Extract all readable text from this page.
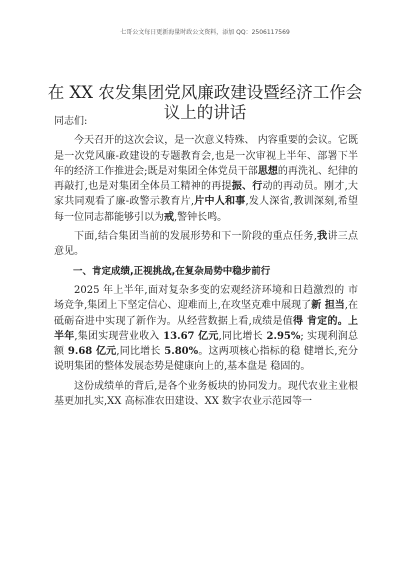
七哥公文每日更新海量时政公文资料，添加 QQ：2506117569
在 XX 农发集团党风廉政建设暨经济工作会议上的讲话

同志们:

今天召开的这次会议，是一次意义特殊、 内容重要的会议。它既是一次党风廉-政建设的专题教育会,也是一次审视上半年、部署下半年的经济工作推进会;既是对集团全体党员干部思想的再洗礼、纪律的再敲打,也是对集团全体员工精神的再提振、行动的再动员。刚才,大家共同观看了廉-政警示教育片,片中人和事,发人深省,教训深刻,希望每一位同志都能够引以为戒,警钟长鸣。

下面,结合集团当前的发展形势和下一阶段的重点任务,我讲三点意见。

一、肯定成绩,正视挑战,在复杂局势中稳步前行

2025 年上半年,面对复杂多变的宏观经济环境和日趋激烈的 市场竞争,集团上下坚定信心、迎难而上,在攻坚克难中展现了新 担当,在砥砺奋进中实现了新作为。从经营数据上看,成绩是值得 肯定的。上半年,集团实现营业收入 13.67 亿元,同比增长 2.95%; 实现利润总额 9.68 亿元,同比增长 5.80%。这两项核心指标的稳 健增长,充分说明集团的整体发展态势是健康向上的,基本盘是 稳固的。

这份成绩单的背后,是各个业务板块的协同发力。现代农业主业根基更加扎实,XX 高标准农田建设、XX 数字农业示范园等一
